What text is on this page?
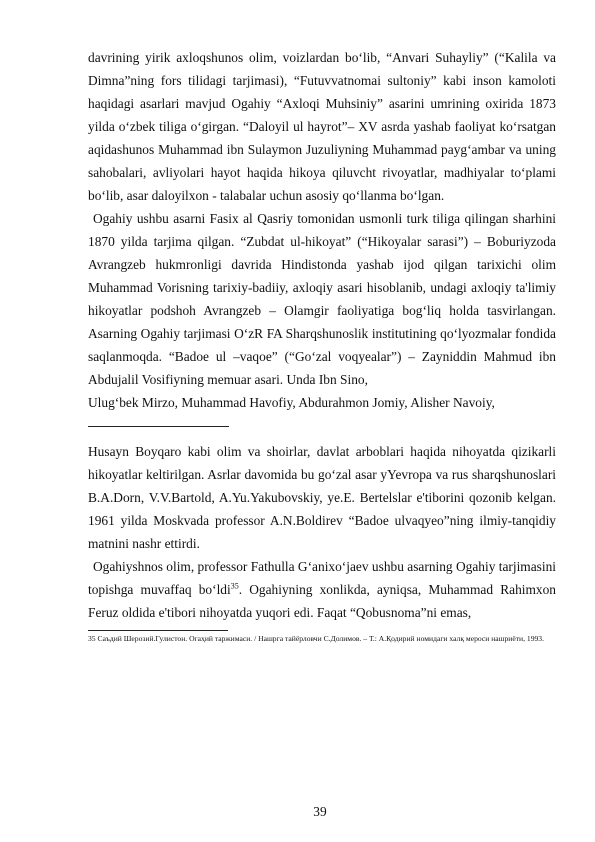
davrining yirik axloqshunos olim, voizlardan bo‘lib, “Anvari Suhayliy” (“Kalila va Dimna”ning fors tilidagi tarjimasi), “Futuvvatnomai sultoniy” kabi inson kamoloti haqidagi asarlari mavjud Ogahiy “Axloqi Muhsiniy” asarini umrining oxirida 1873 yilda o‘zbek tiliga o‘girgan. “Daloyil ul hayrot”– XV asrda yashab faoliyat ko‘rsatgan aqidashunos Muhammad ibn Sulaymon Juzuliyning Muhammad payg‘ambar va uning sahobalari, avliyolari hayot haqida hikoya qiluvcht rivoyatlar, madhiyalar to‘plami bo‘lib, asar daloyilxon - talabalar uchun asosiy qo‘llanma bo‘lgan.

Ogahiy ushbu asarni Fasix al Qasriy tomonidan usmonli turk tiliga qilingan sharhini 1870 yilda tarjima qilgan. “Zubdat ul-hikoyat” (“Hikoyalar sarasi”) – Boburiyzoda Avrangzeb hukmronligi davrida Hindistonda yashab ijod qilgan tarixichi olim Muhammad Vorisning tarixiy-badiiy, axloqiy asari hisoblanib, undagi axloqiy ta'limiy hikoyatlar podshoh Avrangzeb – Olamgir faoliyatiga bog‘liq holda tasvirlangan. Asarning Ogahiy tarjimasi O‘zR FA Sharqshunoslik institutining qo‘lyozmalar fondida saqlanmoqda. “Badoe ul –vaqoe” (“Go‘zal voqyealar”) – Zayniddin Mahmud ibn Abdujalil Vosifiyning memuar asari. Unda Ibn Sino,

Ulug‘bek Mirzo, Muhammad Havofiy, Abdurahmon Jomiy, Alisher Navoiy,

Husayn Boyqaro kabi olim va shoirlar, davlat arboblari haqida nihoyatda qizikarli hikoyatlar keltirilgan. Asrlar davomida bu go‘zal asar yYevropa va rus sharqshunoslari B.A.Dorn, V.V.Bartold, A.Yu.Yakubovskiy, ye.E. Bertelslar e'tiborini qozonib kelgan. 1961 yilda Moskvada professor A.N.Boldirev “Badoe ulvaqyeo”ning ilmiy-tanqidiy matnini nashr ettirdi.

Ogahiyshnos olim, professor Fathulla G‘anixo‘jaev ushbu asarning Ogahiy tarjimasini topishga muvaffaq bo‘ldi$^{35}$. Ogahiyning xonlikda, ayniqsa, Muhammad Rahimxon Feruz oldida e'tibori nihoyatda yuqori edi. Faqat “Qobusnoma”ni emas,

35 Саъдий Шерозий.Гулистон. Огаҳий таржимаси. / Нашрга тайёрловчи С.Долимов. – Т.: А.Қодирий номидаги халқ мероси нашриёти, 1993.

39
